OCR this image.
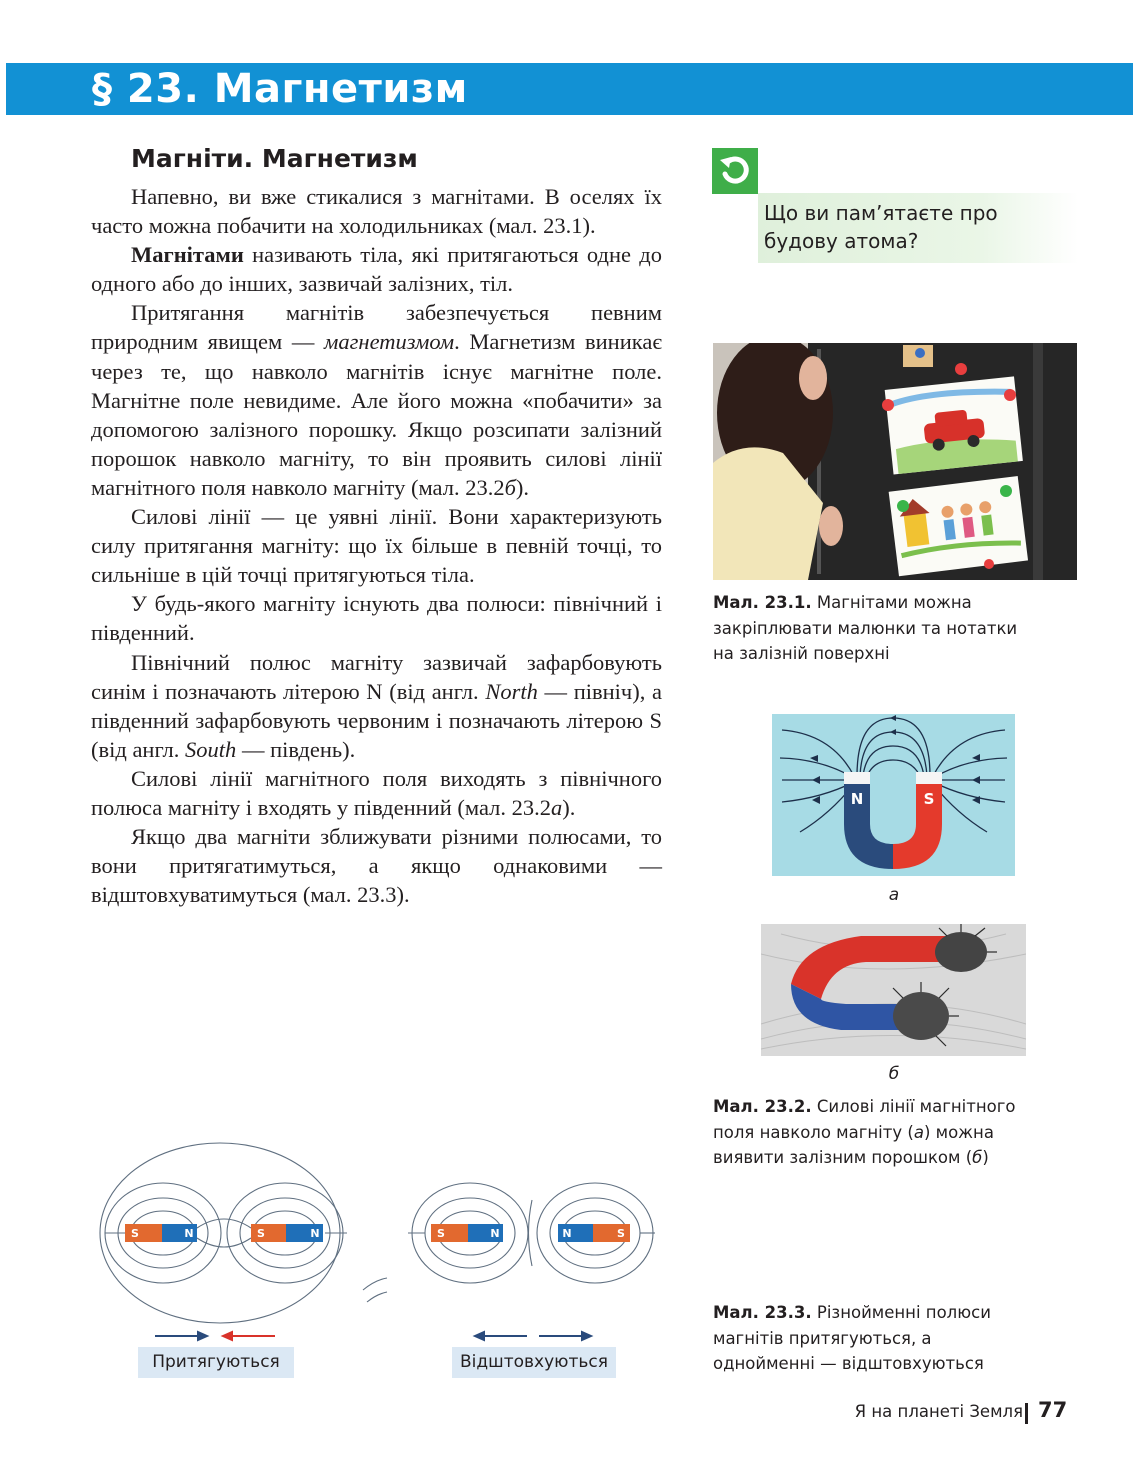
§ 23. Магнетизм
Магніти. Магнетизм

Напевно, ви вже стикалися з магнітами. В оселях їх часто можна побачити на холодильниках (мал. 23.1).

Магнітами називають тіла, які притягаються одне до одного або до інших, зазвичай залізних, тіл.

Притягання магнітів забезпечується певним природним явищем — магнетизмом. Магнетизм виникає через те, що навколо магнітів існує магнітне поле. Магнітне поле невидиме. Але його можна «побачити» за допомогою залізного порошку. Якщо розсипати залізний порошок навколо магніту, то він проявить силові лінії магнітного поля навколо магніту (мал. 23.2б).

Силові лінії — це уявні лінії. Вони характеризують силу притягання магніту: що їх більше в певній точці, то сильніше в цій точці притягуються тіла.

У будь-якого магніту існують два полюси: північний і південний.

Північний полюс магніту зазвичай зафарбовують синім і позначають літерою N (від англ. North — північ), а південний зафарбовують червоним і позначають літерою S (від англ. South — південь).

Силові лінії магнітного поля виходять з північного полюса магніту і входять у південний (мал. 23.2а).

Якщо два магніти зближувати різними полюсами, то вони притягатимуться, а якщо однаковими — відштовхуватимуться (мал. 23.3).

Що ви пам’ятаєте про будову атома?
Мал. 23.1. Магнітами можна закріплювати малюнки та нотатки на залізній поверхні
N	S
а
б
Мал. 23.2. Силові лінії магнітного поля навколо магніту (а) можна виявити залізним порошком (б)
S	N	S	N	S	N	N	S
Притягуються	Відштовхуються
Мал. 23.3. Різнойменні полюси магнітів притягуються, а однойменні — відштовхуються
Я на планеті Земля 77
